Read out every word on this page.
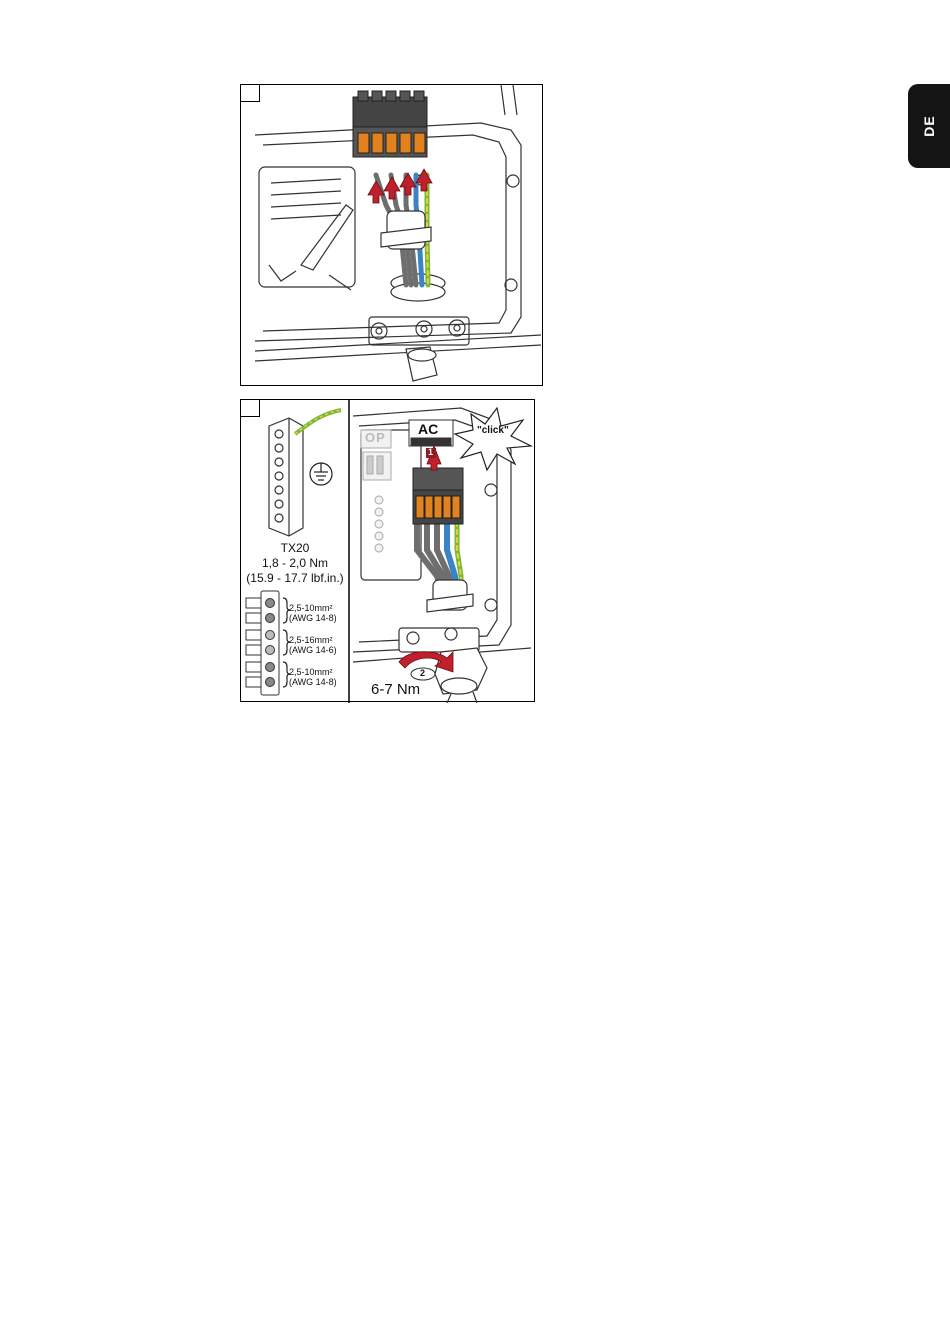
DE
TX20
1,8 - 2,0 Nm
(15.9 - 17.7 lbf.in.)
2,5-10mm²
(AWG 14-8)
2,5-16mm²
(AWG 14-6)
2,5-10mm²
(AWG 14-8)
OP
AC	"click"
1
2
6-7 Nm
